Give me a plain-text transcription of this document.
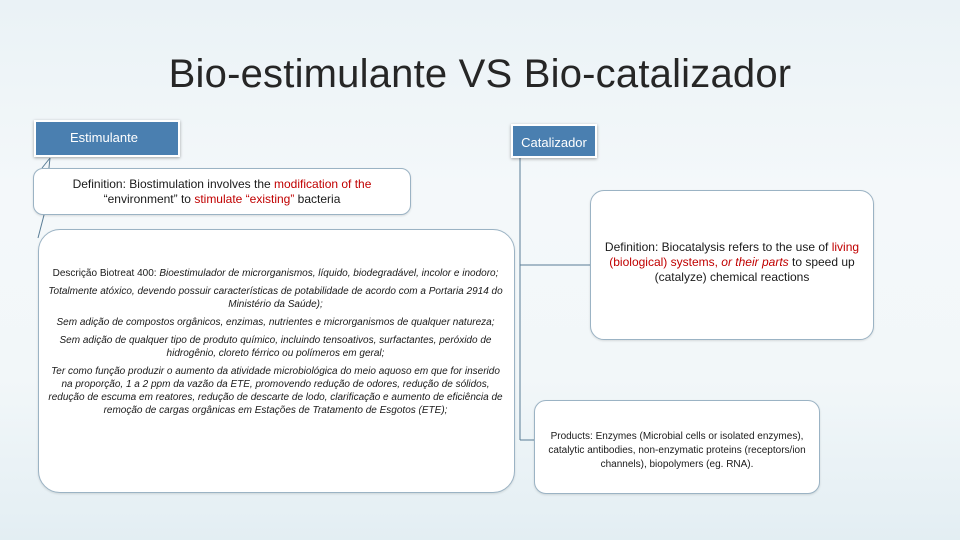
Bio-estimulante VS Bio-catalizador
Estimulante	Catalizador
Definition: Biostimulation involves the modification of the
“environment” to stimulate “existing” bacteria

Descrição Biotreat 400: Bioestimulador de microrganismos, líquido, biodegradável, incolor e inodoro;

Totalmente atóxico, devendo possuir características de potabilidade de acordo com a Portaria 2914 do Ministério da Saúde);

Sem adição de compostos orgânicos, enzimas, nutrientes e microrganismos de qualquer natureza;

Sem adição de qualquer tipo de produto químico, incluindo tensoativos, surfactantes, peróxido de hidrogênio, cloreto férrico ou polímeros em geral;

Ter como função produzir o aumento da atividade microbiológica do meio aquoso em que for inserido na proporção, 1 a 2 ppm da vazão da ETE, promovendo redução de odores, redução de sólidos, redução de escuma em reatores, redução de descarte de lodo, clarificação e aumento de eficiência de remoção de cargas orgânicas em Estações de Tratamento de Esgotos (ETE);

Definition: Biocatalysis refers to the use of living (biological) systems, or their parts to speed up (catalyze) chemical reactions
Products: Enzymes (Microbial cells or isolated enzymes), catalytic antibodies, non-enzymatic proteins (receptors/ion channels), biopolymers (eg. RNA).
